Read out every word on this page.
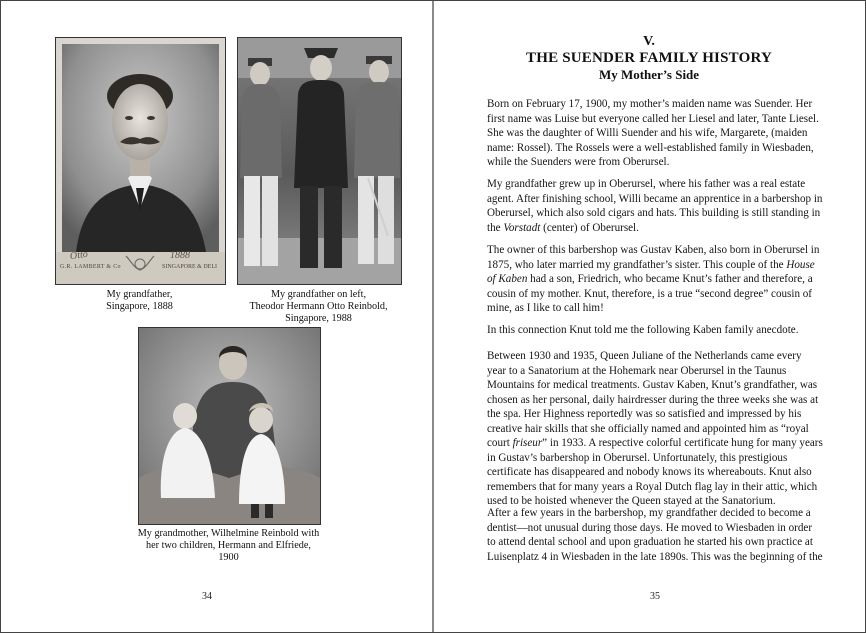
G.R. LAMBERT & Co	SINGAPORE & DELI
Otto	1888
My grandfather,
Singapore, 1888
My grandfather on left,
Theodor Hermann Otto Reinbold,
Singapore, 1988
My grandmother, Wilhelmine Reinbold with
her two children, Hermann and Elfriede,
1900
34
V.
THE SUENDER FAMILY HISTORY
My Mother’s Side

Born on February 17, 1900, my mother’s maiden name was Suender. Her first name was Luise but everyone called her Liesel and later, Tante Liesel. She was the daughter of Willi Suender and his wife, Margarete, (maiden name: Rossel). The Rossels were a well-established family in Wiesbaden, while the Suenders were from Oberursel.

My grandfather grew up in Oberursel, where his father was a real estate agent. After finishing school, Willi became an apprentice in a barbershop in Oberursel, which also sold cigars and hats. This building is still standing in the Vorstadt (center) of Oberursel.

The owner of this barbershop was Gustav Kaben, also born in Oberursel in 1875, who later married my grandfather’s sister. This couple of the House of Kaben had a son, Friedrich, who became Knut’s father and therefore, a cousin of my mother. Knut, therefore, is a true “second degree” cousin of mine, as I like to call him!

In this connection Knut told me the following Kaben family anecdote.

Between 1930 and 1935, Queen Juliane of the Netherlands came every year to a Sanatorium at the Hohemark near Oberursel in the Taunus Mountains for medical treatments. Gustav Kaben, Knut’s grandfather, was chosen as her personal, daily hairdresser during the three weeks she was at the spa. Her Highness reportedly was so satisfied and impressed by his creative hair skills that she officially named and appointed him as “royal court friseur” in 1933. A respective colorful certificate hung for many years in Gustav’s barbershop in Oberursel. Unfortunately, this prestigious certificate has disappeared and nobody knows its whereabouts. Knut also remembers that for many years a Royal Dutch flag lay in their attic, which used to be hoisted whenever the Queen stayed at the Sanatorium.

After a few years in the barbershop, my grandfather decided to become a dentist—not unusual during those days. He moved to Wiesbaden in order to attend dental school and upon graduation he started his own practice at Luisenplatz 4 in Wiesbaden in the late 1890s. This was the beginning of the

35
